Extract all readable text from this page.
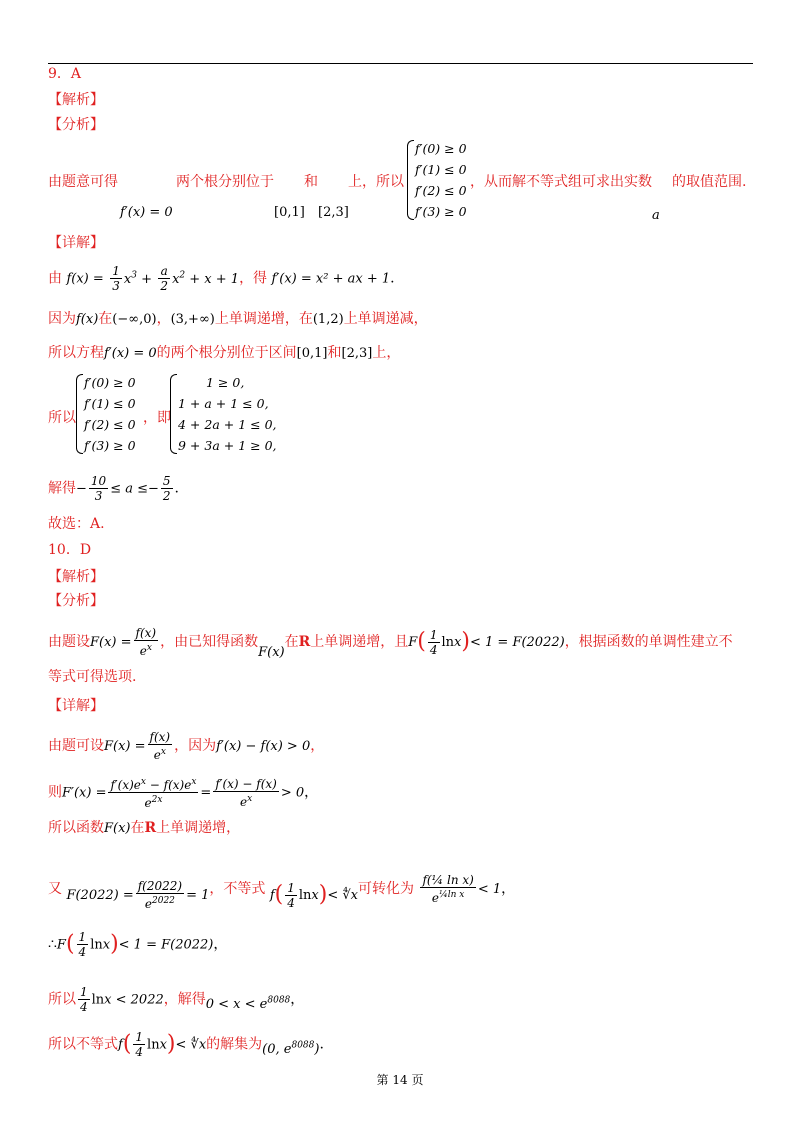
9．A
【解析】
【分析】
由题意可得	两个根分别位于 和 上，所以
f′(0) ≥ 0
f′(1) ≤ 0
f′(2) ≤ 0
f′(3) ≥ 0
，从而解不等式组可求出实数 的取值范围.
f′(x) = 0	[0,1] [2,3]	a
【详解】
由 $f(x) = \frac{1}{3} x^3 + \frac{a}{2} x^2 + x + 1$，得 f′(x) = x² + ax + 1.
因为f(x)在(−∞,0)，(3,+∞)上单调递增，在(1,2)上单调递减，
所以方程f′(x) = 0的两个根分别位于区间[0,1]和[2,3]上，
所以
f′(0) ≥ 0
f′(1) ≤ 0
f′(2) ≤ 0
f′(3) ≥ 0
，即
1 ≥ 0,
1 + a + 1 ≤ 0,
4 + 2a + 1 ≤ 0,
9 + 3a + 1 ≥ 0,
解得− $\frac{10}{3} \le a \le- \frac{5}{2}$ .
故选：A.
10．D
【解析】
【分析】
由题设$F(x) = \frac{f(x)}{e^x}$ ，由已知得函数F(x)在R上单调递增，且$F( \frac{1}{4} \ln x)< 1 = F(2022)$，根据函数的单调性建立不
等式可得选项.
【详解】
由题可设$F(x) = \frac{f(x)}{e^x}$ ，因为f′(x) − f(x) > 0，
则$F'(x) = \frac{f'(x)e^x - f(x)e^x}{e^{2x}} = \frac{f'(x) - f(x)}{e^x} > 0$，
所以函数F(x)在R上单调递增，
又 $F(2022) = \frac{f(2022)}{e^{2022}} = 1$，不等式 $f( \frac{1}{4} \ln x)<$ ∜x可转化为 $\frac{\text{f(¼ ln x)}}{e^{\frac{1}{4}ln x}} < 1$，
∴F( $\frac{1}{4} \ln x)< 1 = F(2022)$，
所以 $\frac{1}{4}$ lnx < 2022，解得$0 < x < e^{8088}$，
所以不等式$f( \frac{1}{4} \ln x)<$ ∜x的解集为(0, $e^{8088}$).
第 14 页
